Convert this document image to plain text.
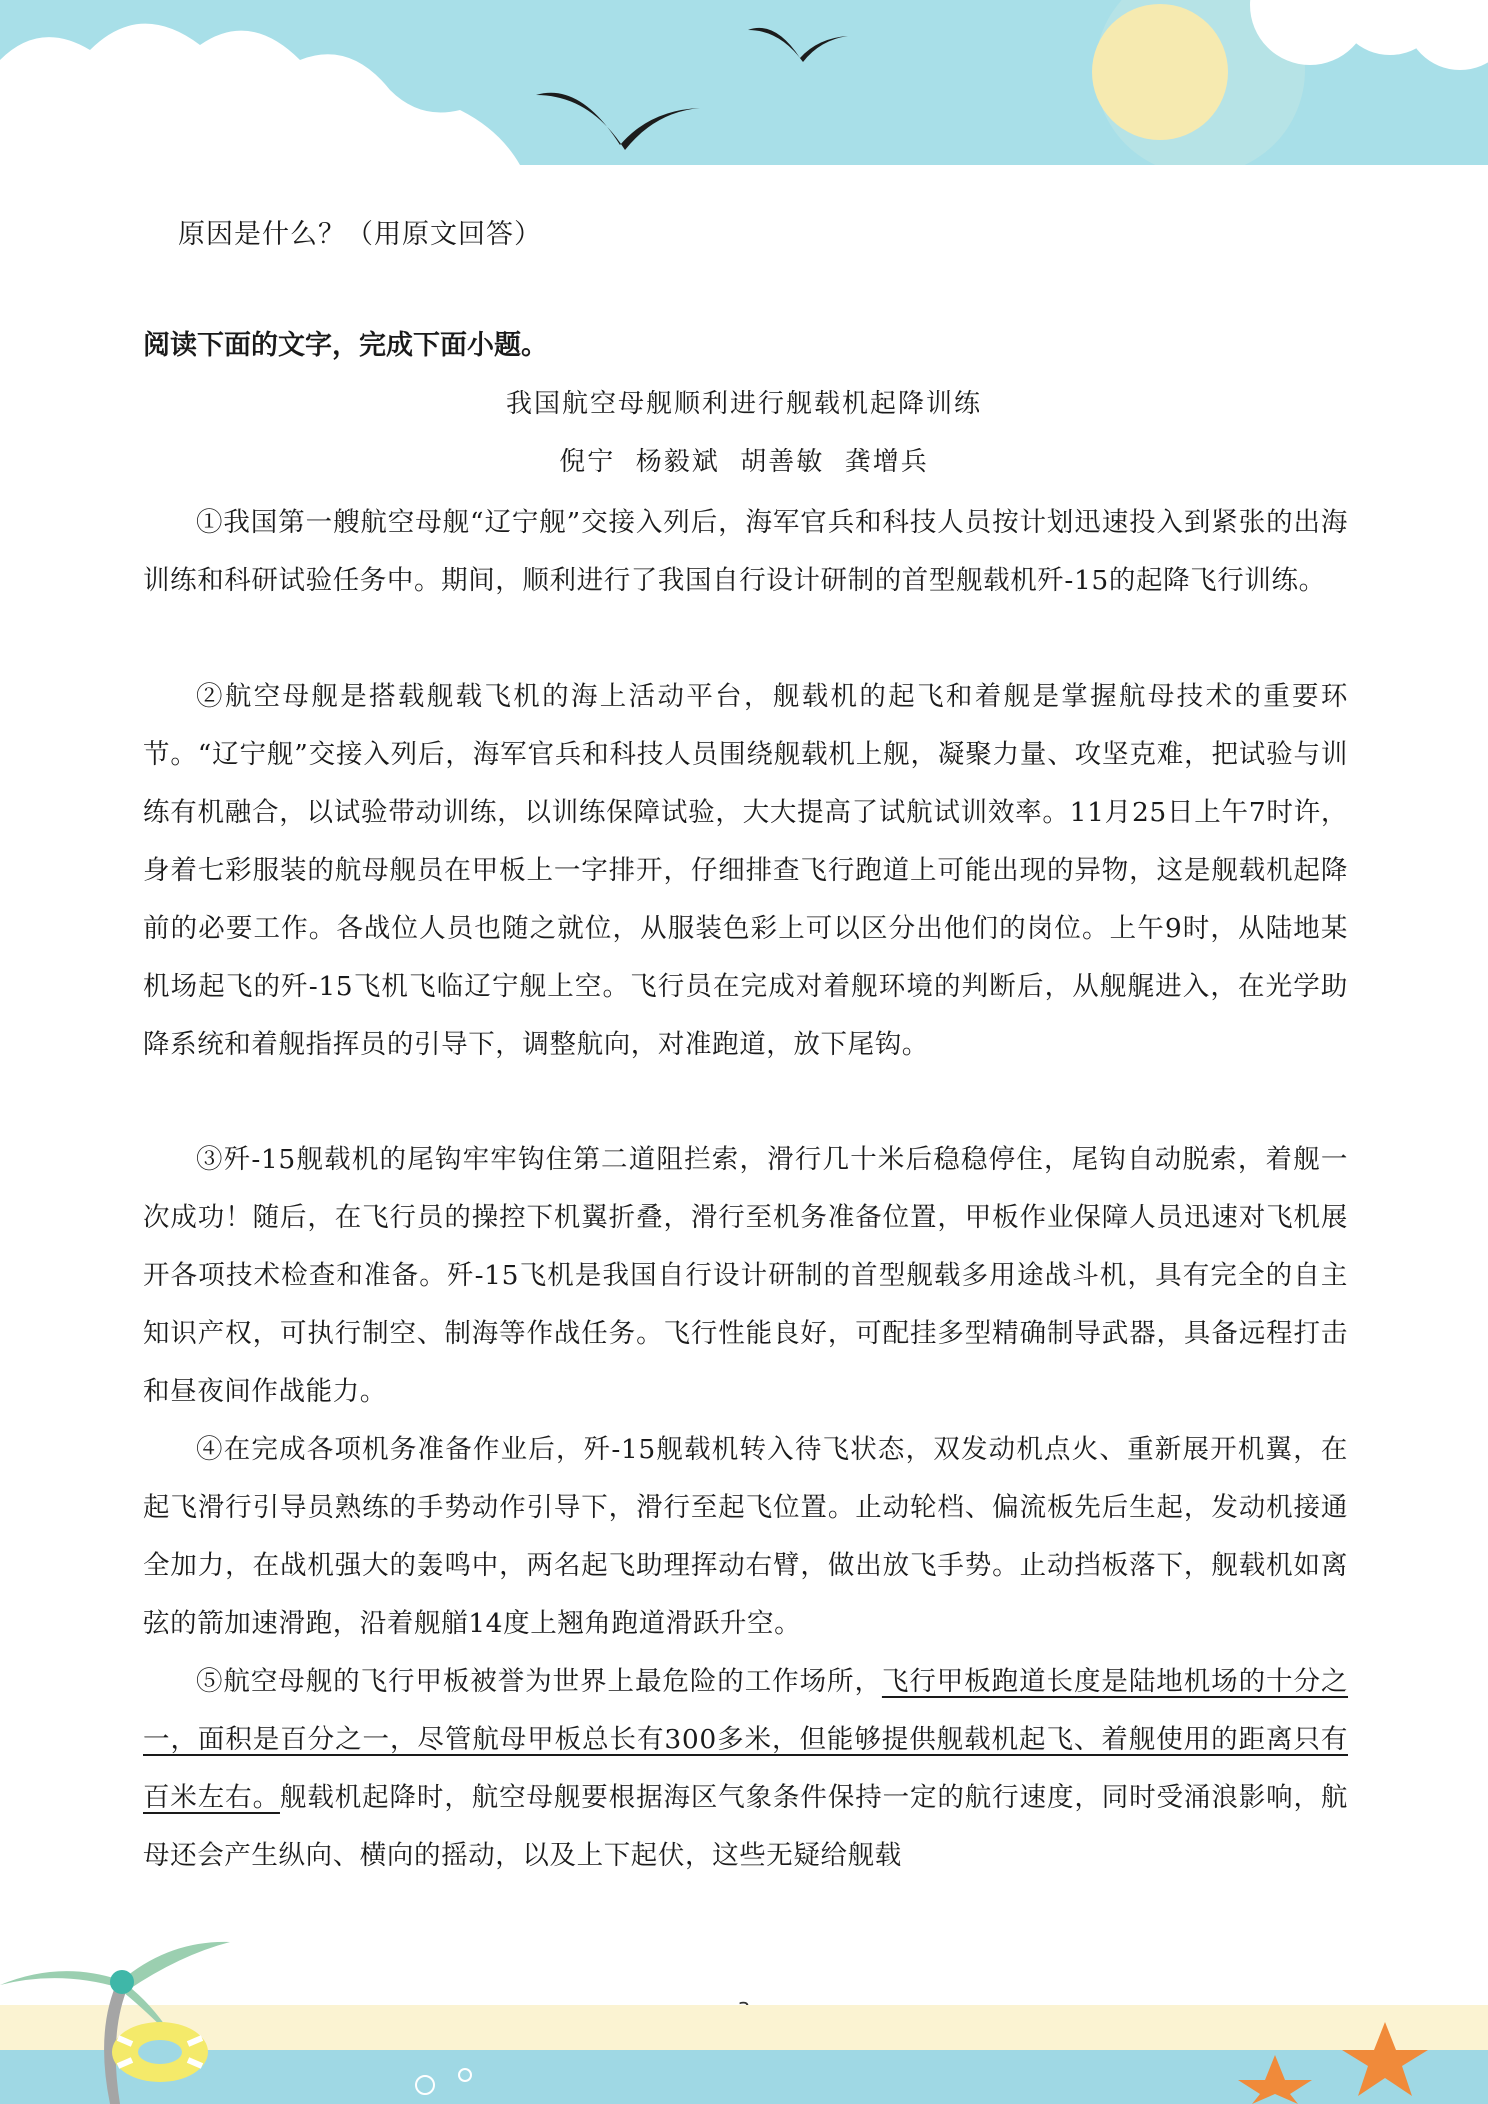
原因是什么？（用原文回答）
阅读下面的文字，完成下面小题。
我国航空母舰顺利进行舰载机起降训练
倪宁  杨毅斌  胡善敏  龚增兵

①我国第一艘航空母舰“辽宁舰”交接入列后，海军官兵和科技人员按计划迅速投入到紧张的出海训练和科研试验任务中。期间，顺利进行了我国自行设计研制的首型舰载机歼-15的起降飞行训练。

②航空母舰是搭载舰载飞机的海上活动平台，舰载机的起飞和着舰是掌握航母技术的重要环节。“辽宁舰”交接入列后，海军官兵和科技人员围绕舰载机上舰，凝聚力量、攻坚克难，把试验与训练有机融合，以试验带动训练，以训练保障试验，大大提高了试航试训效率。11月25日上午7时许，身着七彩服装的航母舰员在甲板上一字排开，仔细排查飞行跑道上可能出现的异物，这是舰载机起降前的必要工作。各战位人员也随之就位，从服装色彩上可以区分出他们的岗位。上午9时，从陆地某机场起飞的歼-15飞机飞临辽宁舰上空。飞行员在完成对着舰环境的判断后，从舰艉进入，在光学助降系统和着舰指挥员的引导下，调整航向，对准跑道，放下尾钩。

③歼-15舰载机的尾钩牢牢钩住第二道阻拦索，滑行几十米后稳稳停住，尾钩自动脱索，着舰一次成功！随后，在飞行员的操控下机翼折叠，滑行至机务准备位置，甲板作业保障人员迅速对飞机展开各项技术检查和准备。歼-15飞机是我国自行设计研制的首型舰载多用途战斗机，具有完全的自主知识产权，可执行制空、制海等作战任务。飞行性能良好，可配挂多型精确制导武器，具备远程打击和昼夜间作战能力。

④在完成各项机务准备作业后，歼-15舰载机转入待飞状态，双发动机点火、重新展开机翼，在起飞滑行引导员熟练的手势动作引导下，滑行至起飞位置。止动轮档、偏流板先后生起，发动机接通全加力，在战机强大的轰鸣中，两名起飞助理挥动右臂，做出放飞手势。止动挡板落下，舰载机如离弦的箭加速滑跑，沿着舰艏14度上翘角跑道滑跃升空。

⑤航空母舰的飞行甲板被誉为世界上最危险的工作场所，飞行甲板跑道长度是陆地机场的十分之一，面积是百分之一，尽管航母甲板总长有300多米，但能够提供舰载机起飞、着舰使用的距离只有百米左右。舰载机起降时，航空母舰要根据海区气象条件保持一定的航行速度，同时受涌浪影响，航母还会产生纵向、横向的摇动，以及上下起伏，这些无疑给舰载
